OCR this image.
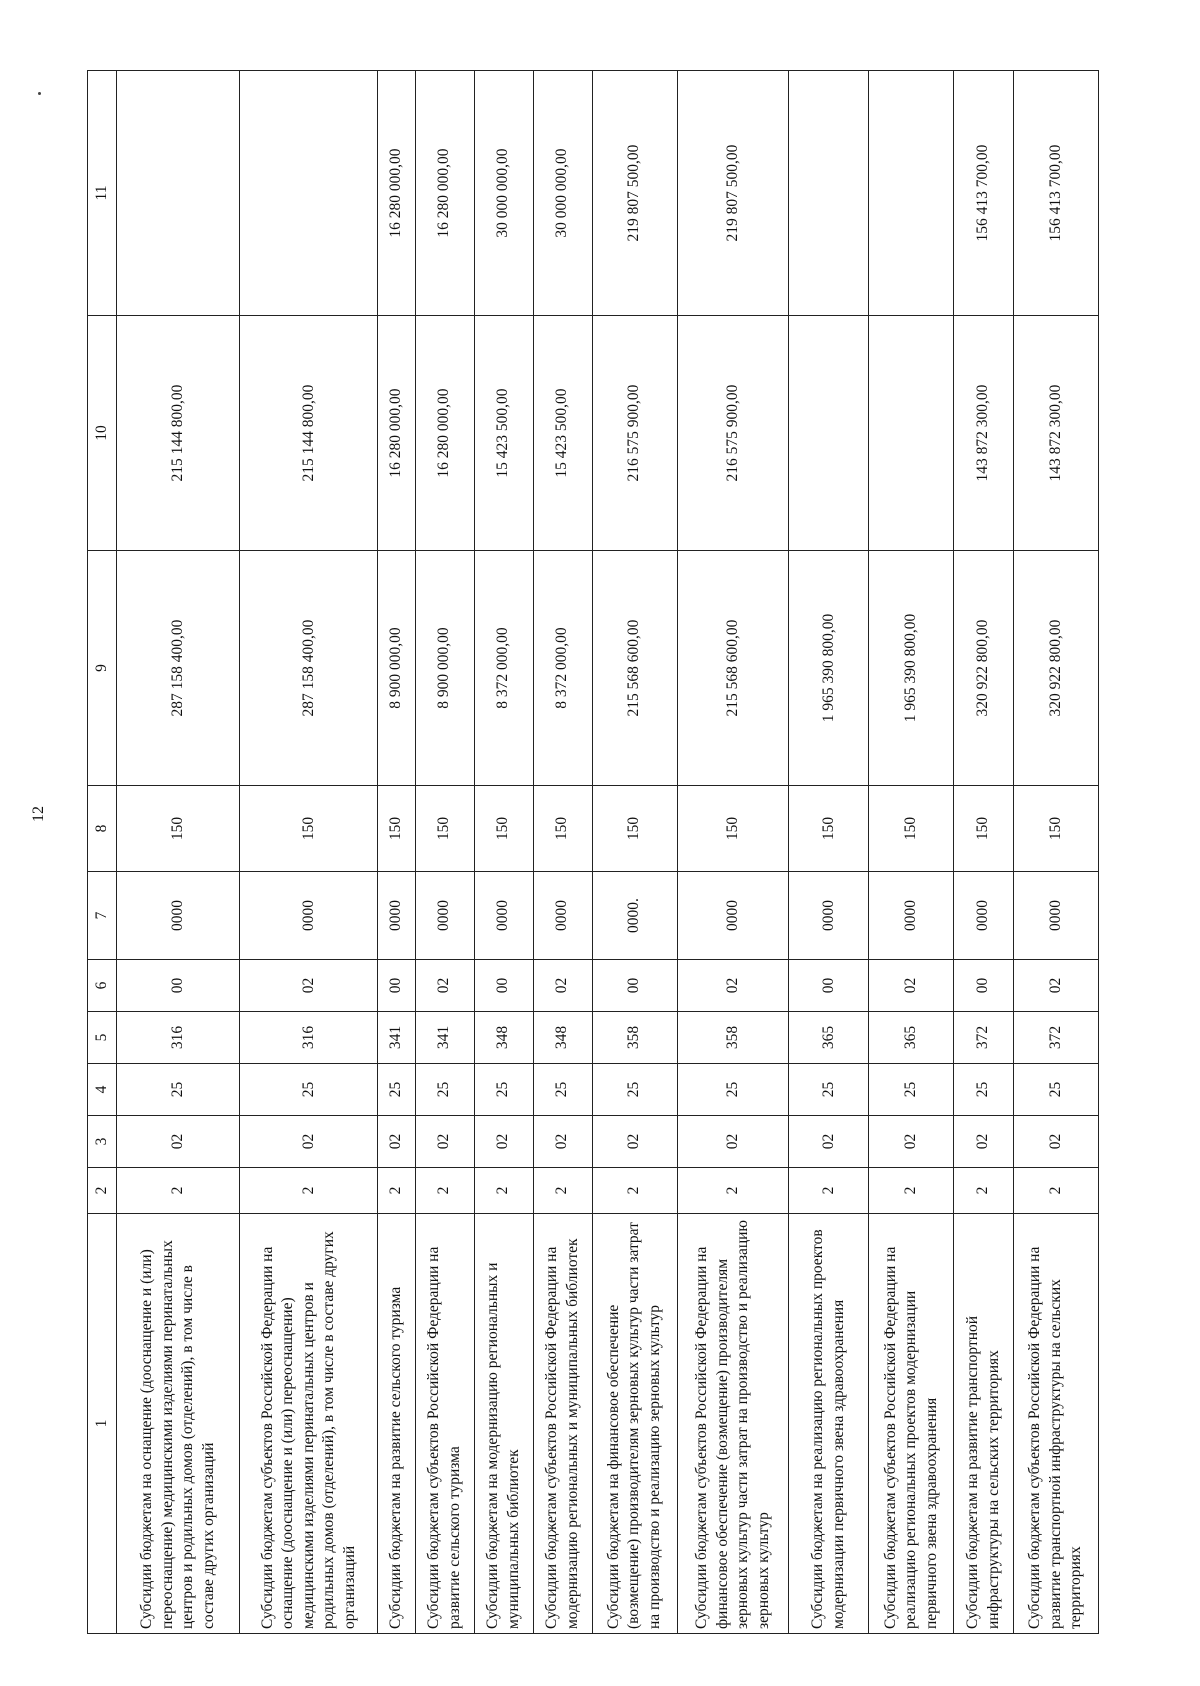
12
1	2	3	4	5	6	7	8	9	10	11
Субсидии бюджетам на оснащение (дооснащение и (или) переоснащение) медицинскими изделиями перинатальных центров и родильных домов (отделений), в том числе в составе других организаций	2	02	25	316	00	0000	150	287 158 400,00	215 144 800,00	
Субсидии бюджетам субъектов Российской Федерации на оснащение (дооснащение и (или) переоснащение) медицинскими изделиями перинатальных центров и родильных домов (отделений), в том числе в составе других организаций	2	02	25	316	02	0000	150	287 158 400,00	215 144 800,00	
Субсидии бюджетам на развитие сельского туризма	2	02	25	341	00	0000	150	8 900 000,00	16 280 000,00	16 280 000,00
Субсидии бюджетам субъектов Российской Федерации на развитие сельского туризма	2	02	25	341	02	0000	150	8 900 000,00	16 280 000,00	16 280 000,00
Субсидии бюджетам на модернизацию региональных и муниципальных библиотек	2	02	25	348	00	0000	150	8 372 000,00	15 423 500,00	30 000 000,00
Субсидии бюджетам субъектов Российской Федерации на модернизацию региональных и муниципальных библиотек	2	02	25	348	02	0000	150	8 372 000,00	15 423 500,00	30 000 000,00
Субсидии бюджетам на финансовое обеспечение (возмещение) производителям зерновых культур части затрат на производство и реализацию зерновых культур	2	02	25	358	00	0000.	150	215 568 600,00	216 575 900,00	219 807 500,00
Субсидии бюджетам субъектов Российской Федерации на финансовое обеспечение (возмещение) производителям зерновых культур части затрат на производство и реализацию зерновых культур	2	02	25	358	02	0000	150	215 568 600,00	216 575 900,00	219 807 500,00
Субсидии бюджетам на реализацию региональных проектов модернизации первичного звена здравоохранения	2	02	25	365	00	0000	150	1 965 390 800,00		
Субсидии бюджетам субъектов Российской Федерации на реализацию региональных проектов модернизации первичного звена здравоохранения	2	02	25	365	02	0000	150	1 965 390 800,00		
Субсидии бюджетам на развитие транспортной инфраструктуры на сельских территориях	2	02	25	372	00	0000	150	320 922 800,00	143 872 300,00	156 413 700,00
Субсидии бюджетам субъектов Российской Федерации на развитие транспортной инфраструктуры на сельских территориях	2	02	25	372	02	0000	150	320 922 800,00	143 872 300,00	156 413 700,00
